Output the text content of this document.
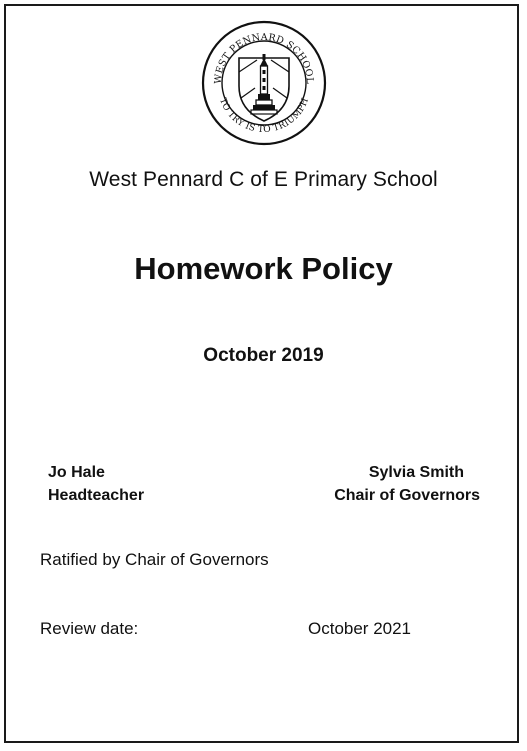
WEST PENNARD SCHOOL
TO TRY IS TO TRIUMPH
West Pennard C of E Primary School
Homework Policy
October 2019
Jo Hale
Headteacher
Sylvia Smith
Chair of Governors
Ratified by Chair of Governors
Review date:	October 2021
